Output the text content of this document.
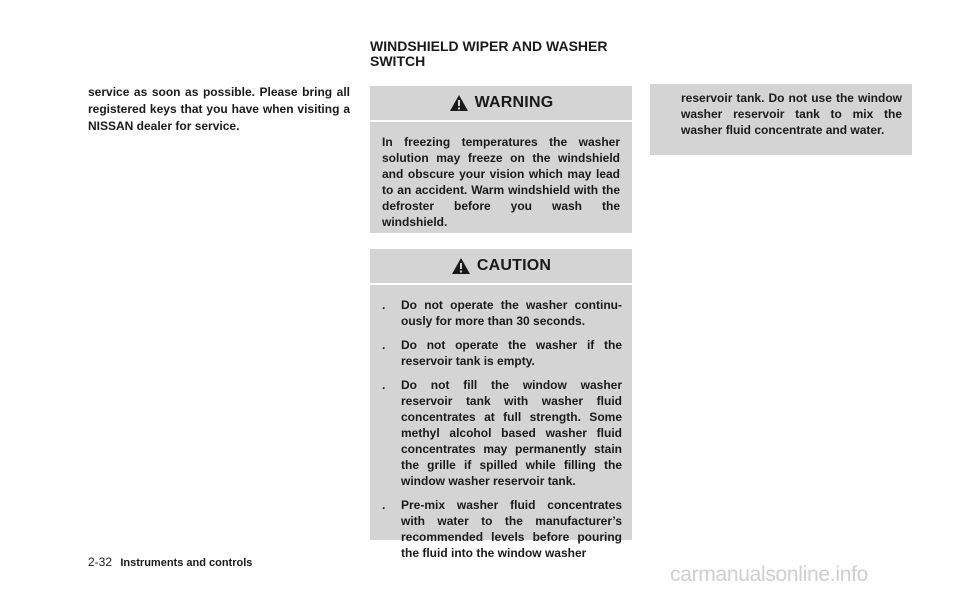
WINDSHIELD WIPER AND WASHER SWITCH
service as soon as possible. Please bring all registered keys that you have when visiting a NISSAN dealer for service.
WARNING
In freezing temperatures the washer solution may freeze on the windshield and obscure your vision which may lead to an accident. Warm windshield with the defroster before you wash the windshield.
CAUTION
. Do not operate the washer continu-ously for more than 30 seconds.
. Do not operate the washer if the reservoir tank is empty.
. Do not fill the window washer reservoir tank with washer fluid concentrates at full strength. Some methyl alcohol based washer fluid concentrates may permanently stain the grille if spilled while filling the window washer reservoir tank.
. Pre-mix washer fluid concentrates with water to the manufacturer’s recommended levels before pouring the fluid into the window washer
reservoir tank. Do not use the window washer reservoir tank to mix the washer fluid concentrate and water.
2-32 Instruments and controls	carmanualsonline.info
